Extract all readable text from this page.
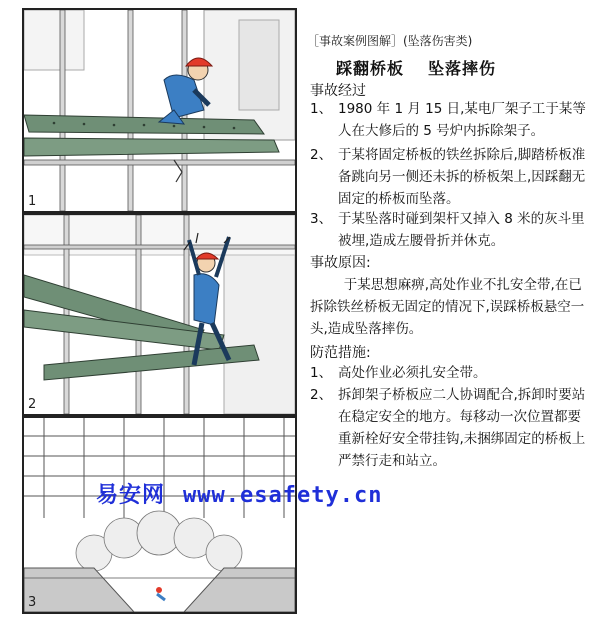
1
2
3
［事故案例图解］(坠落伤害类)
踩翻桥板 坠落摔伤
事故经过
1、 1980 年 1 月 15 日,某电厂架子工于某等人在大修后的 5 号炉内拆除架子。
2、 于某将固定桥板的铁丝拆除后,脚踏桥板准备跳向另一侧还未拆的桥板架上,因踩翻无固定的桥板而坠落。
3、 于某坠落时碰到架杆又掉入 8 米的灰斗里被埋,造成左腰骨折并休克。
事故原因:
于某思想麻痹,高处作业不扎安全带,在已拆除铁丝桥板无固定的情况下,误踩桥板悬空一头,造成坠落摔伤。
防范措施:
1、 高处作业必须扎安全带。
2、 拆卸架子桥板应二人协调配合,拆卸时要站在稳定安全的地方。每移动一次位置都要重新栓好安全带挂钩,未捆绑固定的桥板上严禁行走和站立。
易安网 www.esafety.cn
